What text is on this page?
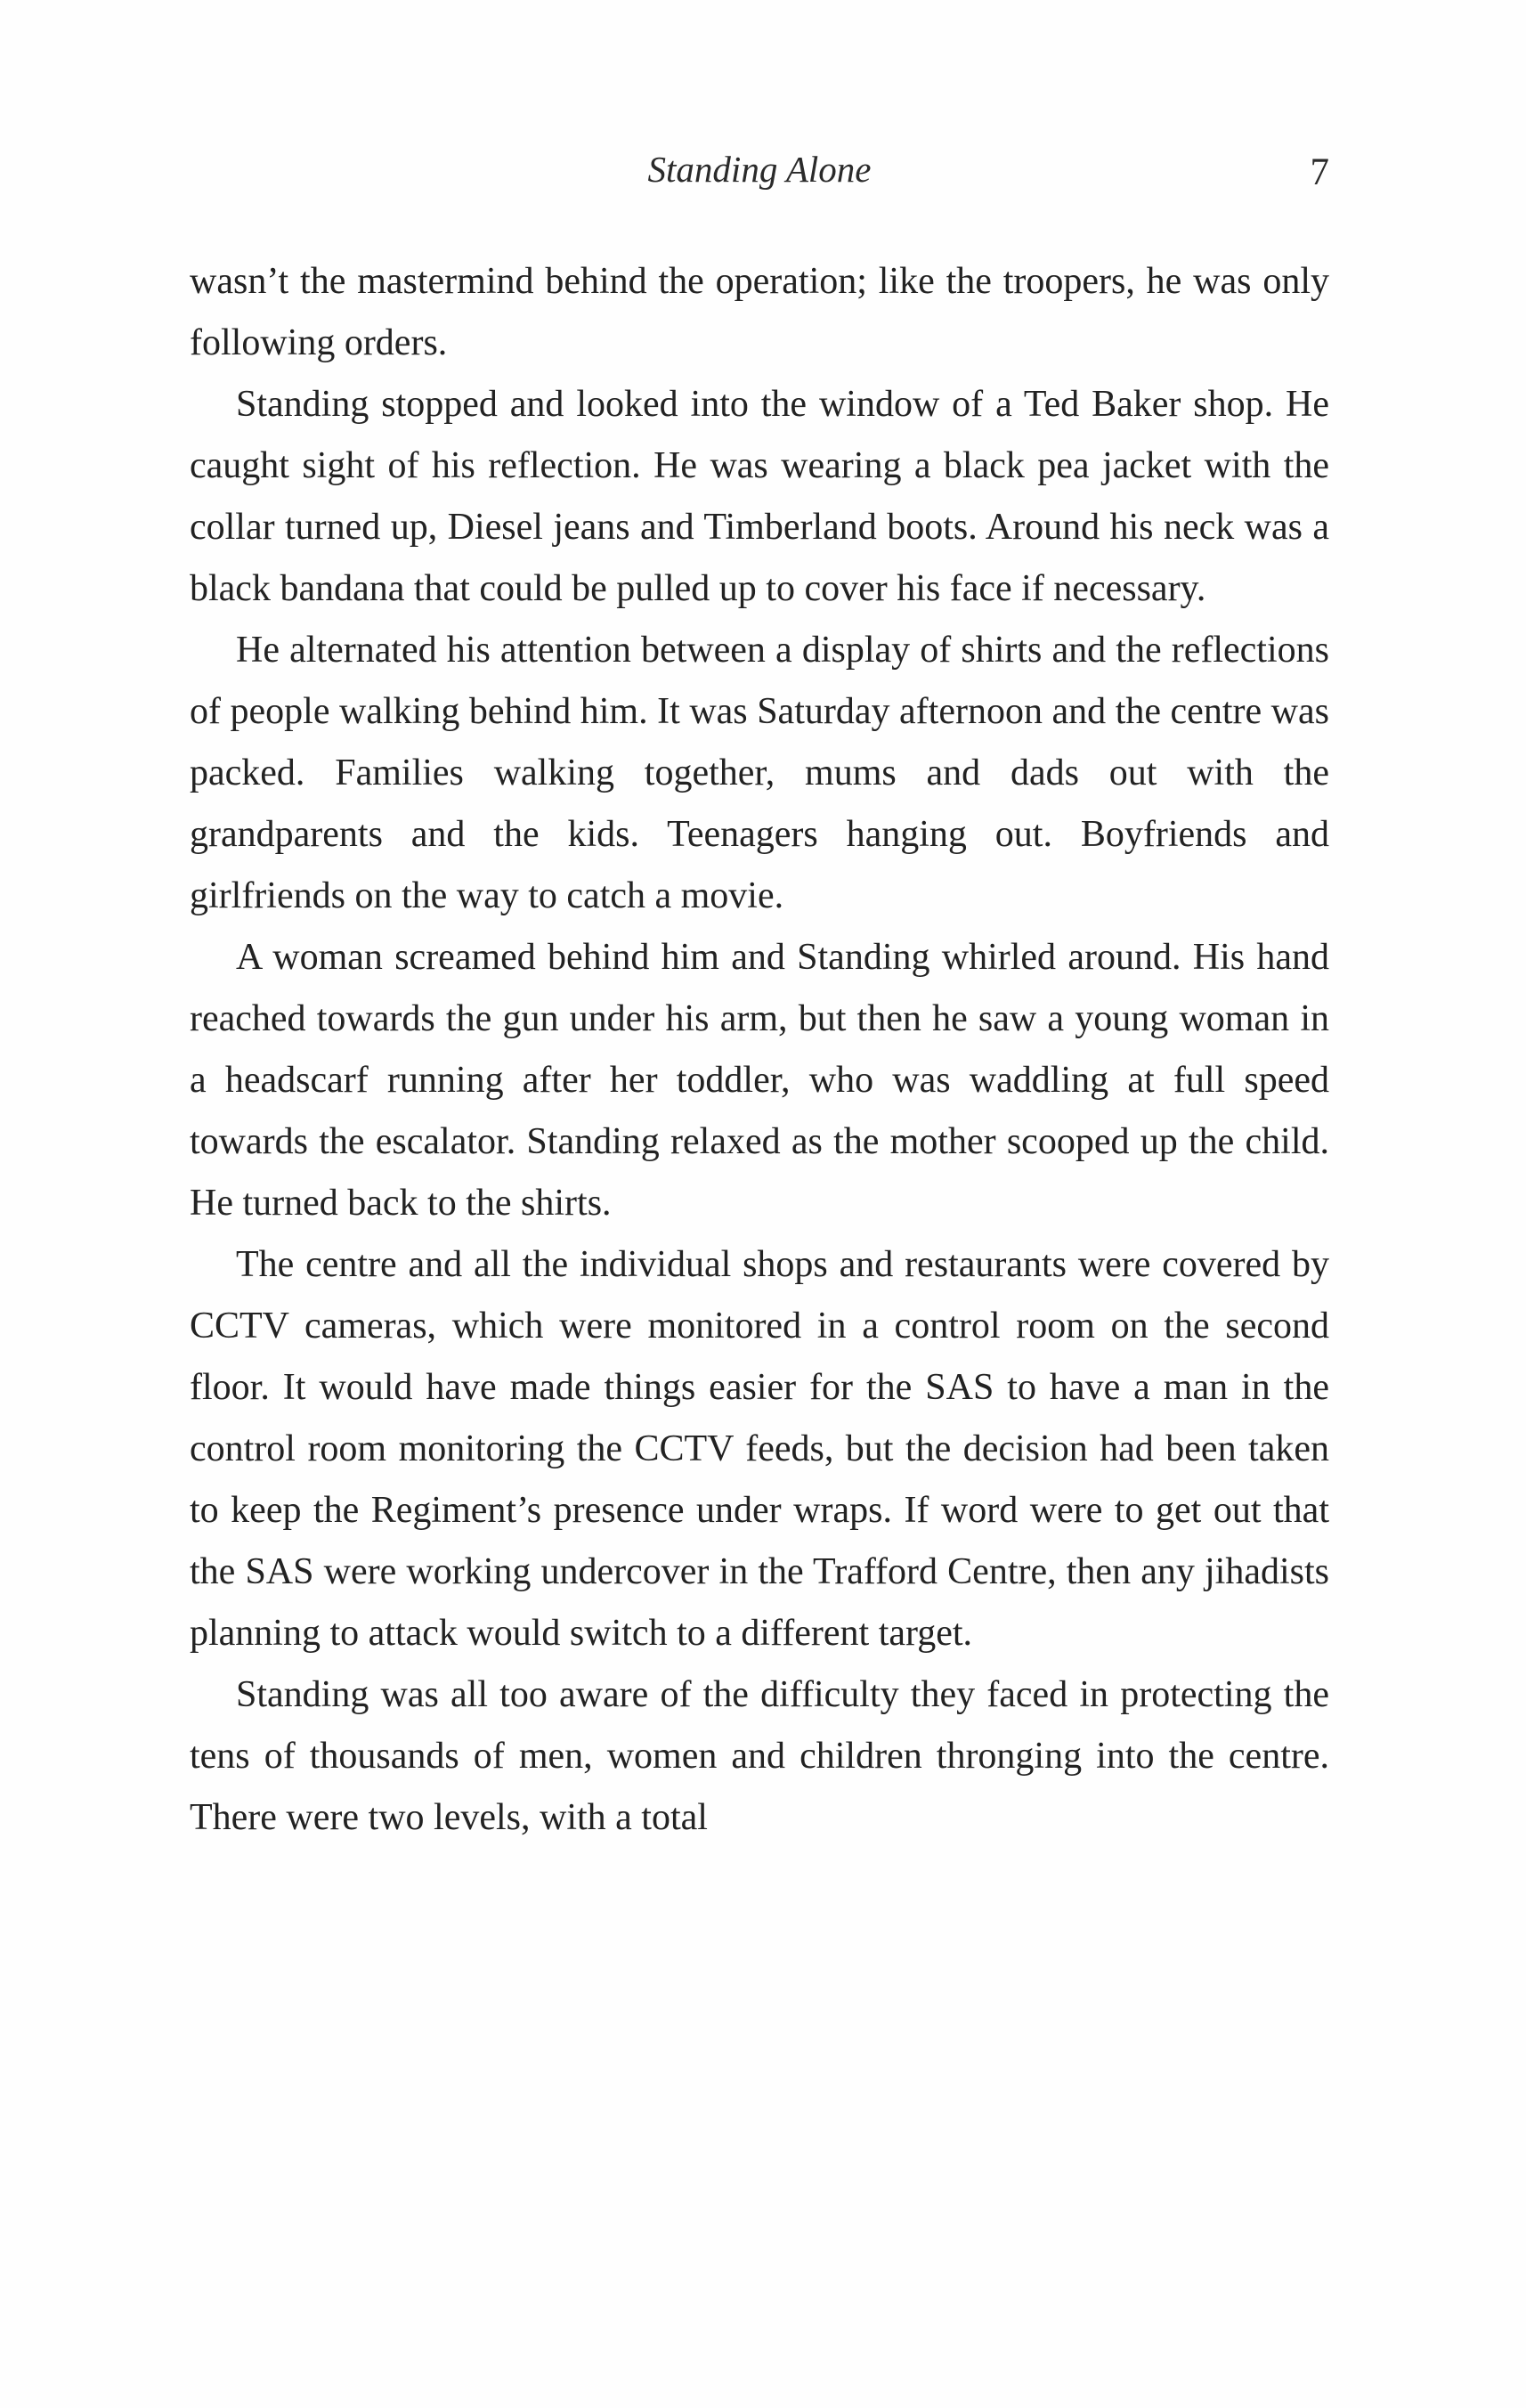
Standing Alone	7

wasn’t the mastermind behind the operation; like the troopers, he was only following orders.

Standing stopped and looked into the window of a Ted Baker shop. He caught sight of his reflection. He was wearing a black pea jacket with the collar turned up, Diesel jeans and Timberland boots. Around his neck was a black bandana that could be pulled up to cover his face if necessary.

He alternated his attention between a display of shirts and the reflections of people walking behind him. It was Saturday afternoon and the centre was packed. Families walking together, mums and dads out with the grandparents and the kids. Teenagers hanging out. Boyfriends and girlfriends on the way to catch a movie.

A woman screamed behind him and Standing whirled around. His hand reached towards the gun under his arm, but then he saw a young woman in a headscarf running after her toddler, who was waddling at full speed towards the escalator. Standing relaxed as the mother scooped up the child. He turned back to the shirts.

The centre and all the individual shops and restaurants were covered by CCTV cameras, which were monitored in a control room on the second floor. It would have made things easier for the SAS to have a man in the control room monitoring the CCTV feeds, but the decision had been taken to keep the Regiment’s presence under wraps. If word were to get out that the SAS were working undercover in the Trafford Centre, then any jihadists planning to attack would switch to a different target.

Standing was all too aware of the difficulty they faced in protecting the tens of thousands of men, women and children thronging into the centre. There were two levels, with a total
